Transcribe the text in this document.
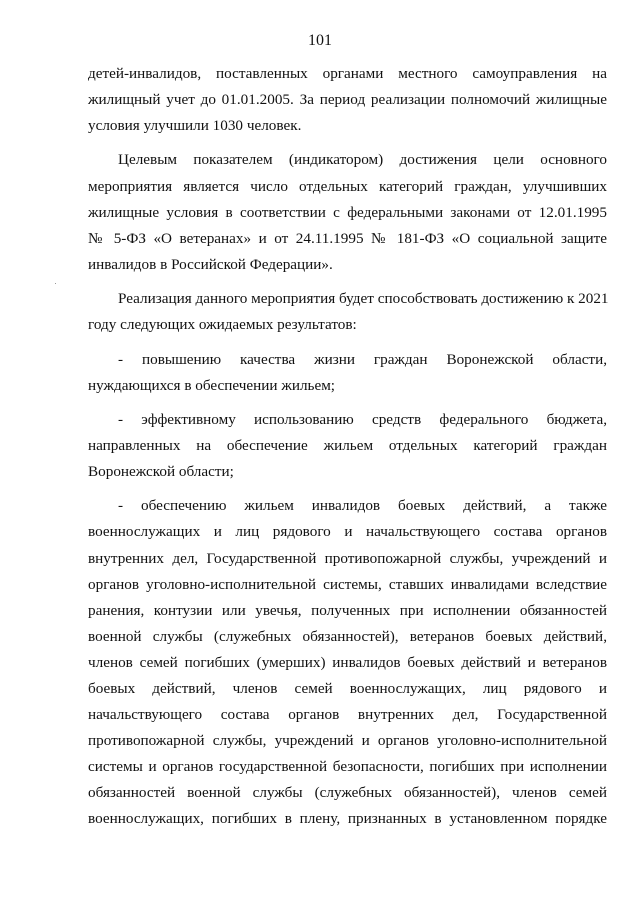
101
детей-инвалидов, поставленных органами местного самоуправления на
жилищный учет до 01.01.2005. За период реализации полномочий жилищные
условия улучшили 1030 человек.
Целевым показателем (индикатором) достижения цели основного
мероприятия является число отдельных категорий граждан, улучшивших
жилищные условия в соответствии с федеральными законами от 12.01.1995
№ 5-ФЗ «О ветеранах» и от 24.11.1995 № 181-ФЗ «О социальной защите
инвалидов в Российской Федерации».
Реализация данного мероприятия будет способствовать достижению к 2021
году следующих ожидаемых результатов:
- повышению качества жизни граждан Воронежской области,
нуждающихся в обеспечении жильем;
- эффективному использованию средств федерального бюджета,
направленных на обеспечение жильем отдельных категорий граждан
Воронежской области;
- обеспечению жильем инвалидов боевых действий, а также
военнослужащих и лиц рядового и начальствующего состава органов
внутренних дел, Государственной противопожарной службы, учреждений и
органов уголовно-исполнительной системы, ставших инвалидами вследствие
ранения, контузии или увечья, полученных при исполнении обязанностей
военной службы (служебных обязанностей), ветеранов боевых действий,
членов семей погибших (умерших) инвалидов боевых действий и ветеранов
боевых действий, членов семей военнослужащих, лиц рядового и
начальствующего состава органов внутренних дел, Государственной
противопожарной службы, учреждений и органов уголовно-исполнительной
системы и органов государственной безопасности, погибших при исполнении
обязанностей военной службы (служебных обязанностей), членов семей
военнослужащих, погибших в плену, признанных в установленном порядке
